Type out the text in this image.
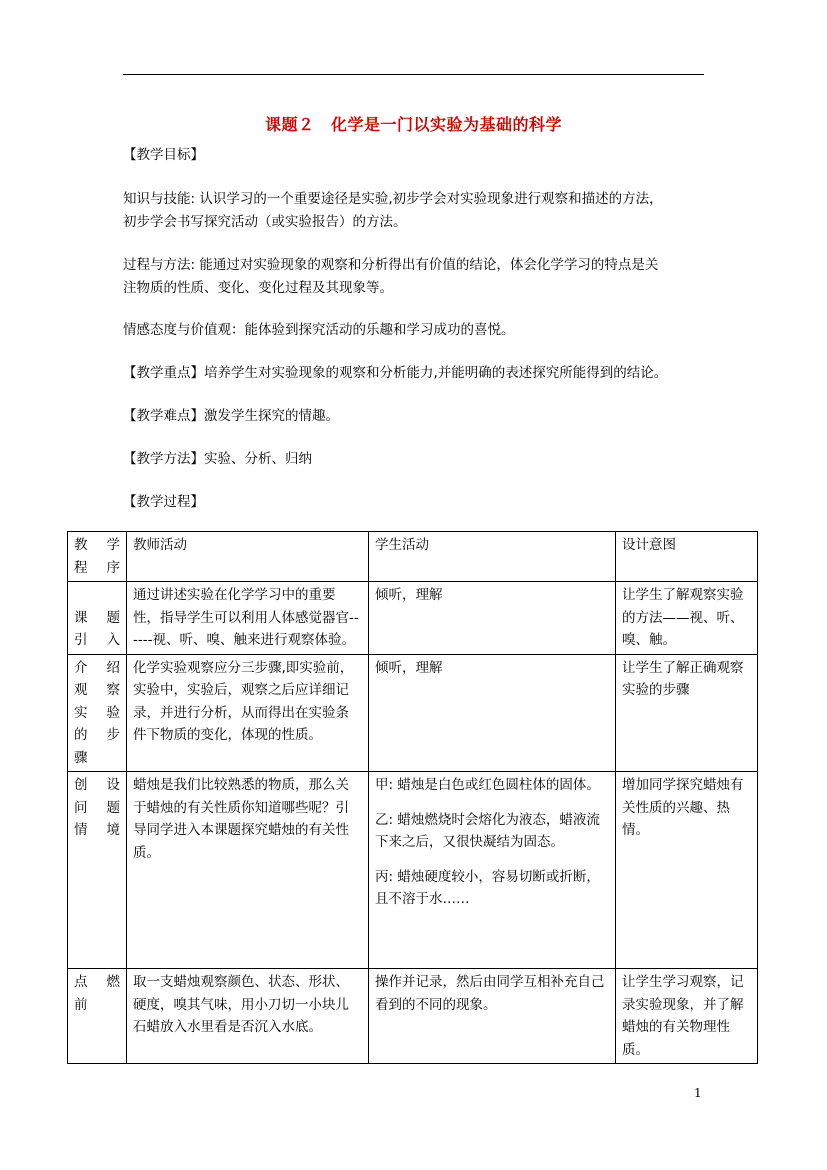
课题２　化学是一门以实验为基础的科学
【教学目标】
知识与技能: 认识学习的一个重要途径是实验,初步学会对实验现象进行观察和描述的方法，
初步学会书写探究活动（或实验报告）的方法。
过程与方法: 能通过对实验现象的观察和分析得出有价值的结论，体会化学学习的特点是关
注物质的性质、变化、变化过程及其现象等。
情感态度与价值观：能体验到探究活动的乐趣和学习成功的喜悦。
【教学重点】培养学生对实验现象的观察和分析能力,并能明确的表述探究所能得到的结论。
【教学难点】激发学生探究的情趣。
【教学方法】实验、分析、归纳
【教学过程】
教　学程序	教师活动	学生活动	设计意图
课　题引入	通过讲述实验在化学学习中的重要性，指导学生可以利用人体感觉器官------视、听、嗅、触来进行观察体验。	倾听，理解	让学生了解观察实验的方法——视、听、嗅、触。
介　绍观　察实　验的　步骤	化学实验观察应分三步骤,即实验前，实验中，实验后，观察之后应详细记录，并进行分析，从而得出在实验条件下物质的变化，体现的性质。	倾听，理解	让学生了解正确观察实验的步骤
创　设问　题情境	蜡烛是我们比较熟悉的物质，那么关于蜡烛的有关性质你知道哪些呢？引导同学进入本课题探究蜡烛的有关性质。	甲: 蜡烛是白色或红色圆柱体的固体。
乙: 蜡烛燃烧时会熔化为液态，蜡液流下来之后，又很快凝结为固态。
丙: 蜡烛硬度较小，容易切断或折断，且不溶于水……	增加同学探究蜡烛有关性质的兴趣、热情。
点　燃前	取一支蜡烛观察颜色、状态、形状、硬度，嗅其气味，用小刀切一小块儿石蜡放入水里看是否沉入水底。	操作并记录，然后由同学互相补充自己看到的不同的现象。	让学生学习观察，记录实验现象，并了解蜡烛的有关物理性质。
1
